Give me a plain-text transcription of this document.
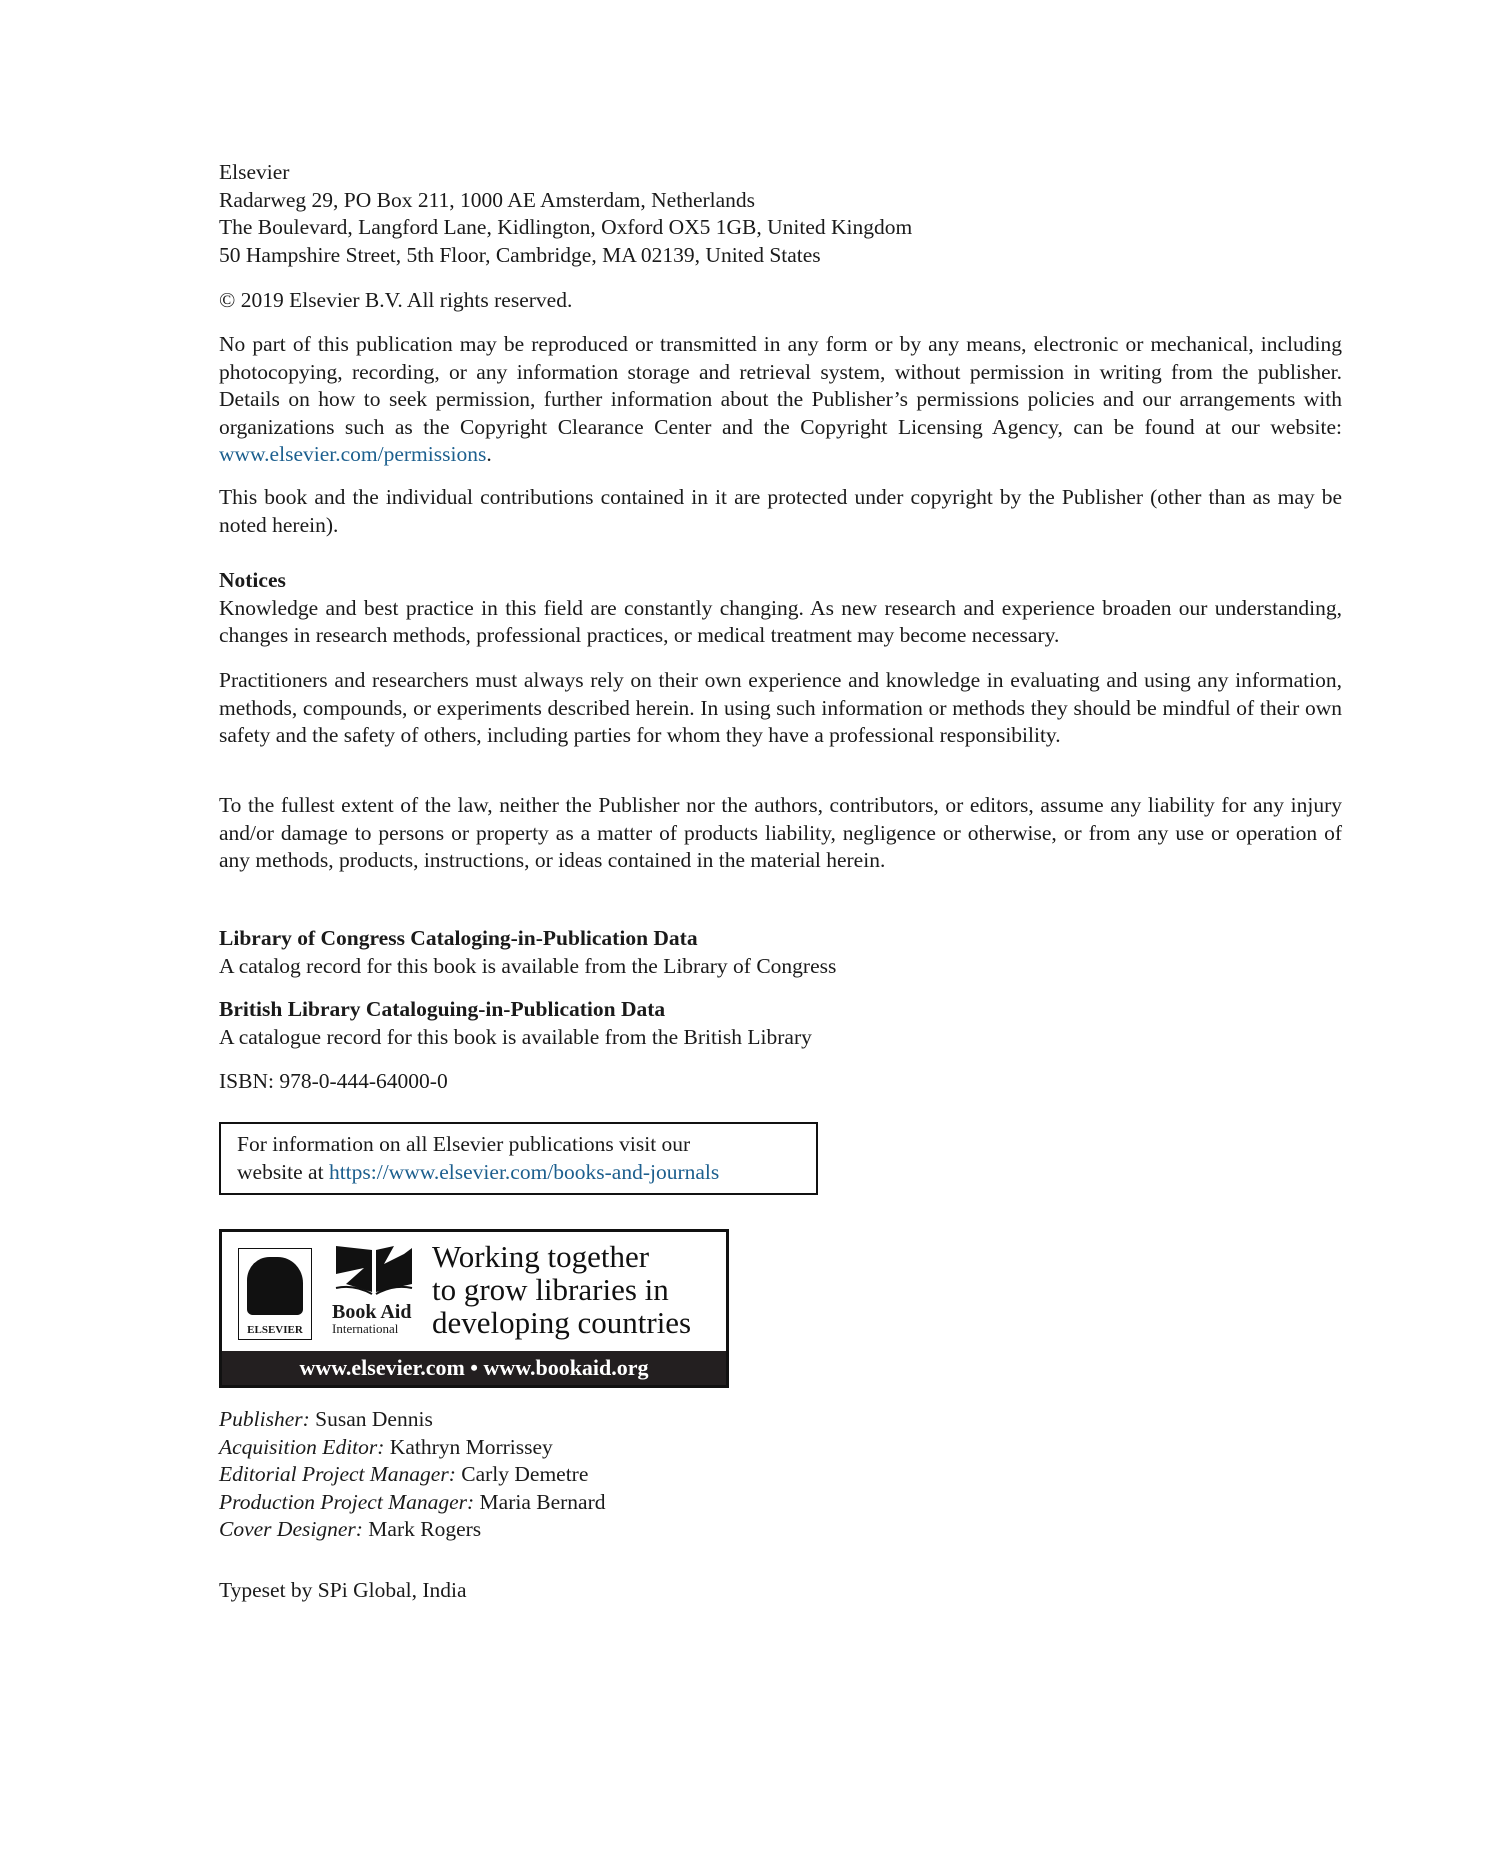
Elsevier
Radarweg 29, PO Box 211, 1000 AE Amsterdam, Netherlands
The Boulevard, Langford Lane, Kidlington, Oxford OX5 1GB, United Kingdom
50 Hampshire Street, 5th Floor, Cambridge, MA 02139, United States
© 2019 Elsevier B.V. All rights reserved.
No part of this publication may be reproduced or transmitted in any form or by any means, electronic or mechanical, including photocopying, recording, or any information storage and retrieval system, without permission in writing from the publisher. Details on how to seek permission, further information about the Publisher’s permissions policies and our arrangements with organizations such as the Copyright Clearance Center and the Copyright Licensing Agency, can be found at our website: www.elsevier.com/permissions.
This book and the individual contributions contained in it are protected under copyright by the Publisher (other than as may be noted herein).
Notices
Knowledge and best practice in this field are constantly changing. As new research and experience broaden our understanding, changes in research methods, professional practices, or medical treatment may become necessary.
Practitioners and researchers must always rely on their own experience and knowledge in evaluating and using any information, methods, compounds, or experiments described herein. In using such information or methods they should be mindful of their own safety and the safety of others, including parties for whom they have a professional responsibility.
To the fullest extent of the law, neither the Publisher nor the authors, contributors, or editors, assume any liability for any injury and/or damage to persons or property as a matter of products liability, negligence or otherwise, or from any use or operation of any methods, products, instructions, or ideas contained in the material herein.
Library of Congress Cataloging-in-Publication Data
A catalog record for this book is available from the Library of Congress
British Library Cataloguing-in-Publication Data
A catalogue record for this book is available from the British Library
ISBN: 978-0-444-64000-0
For information on all Elsevier publications visit our
website at https://www.elsevier.com/books-and-journals
ELSEVIER
Book Aid
International
Working together
to grow libraries in
developing countries
www.elsevier.com • www.bookaid.org
Publisher: Susan Dennis
Acquisition Editor: Kathryn Morrissey
Editorial Project Manager: Carly Demetre
Production Project Manager: Maria Bernard
Cover Designer: Mark Rogers
Typeset by SPi Global, India
